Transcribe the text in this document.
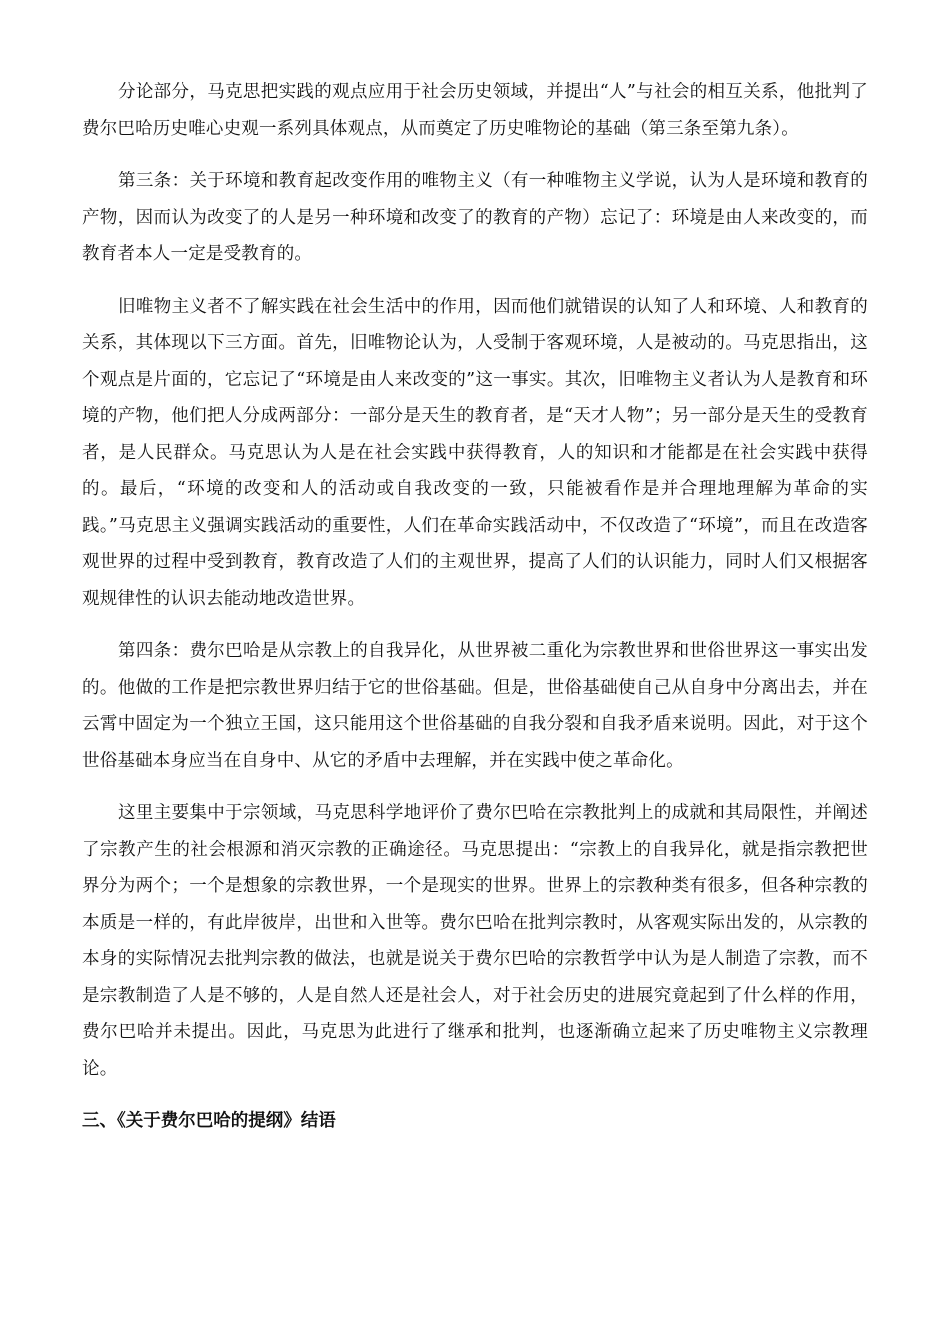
分论部分，马克思把实践的观点应用于社会历史领域，并提出“人”与社会的相互关系，他批判了费尔巴哈历史唯心史观一系列具体观点，从而奠定了历史唯物论的基础（第三条至第九条）。

第三条：关于环境和教育起改变作用的唯物主义（有一种唯物主义学说，认为人是环境和教育的产物，因而认为改变了的人是另一种环境和改变了的教育的产物）忘记了：环境是由人来改变的，而教育者本人一定是受教育的。

旧唯物主义者不了解实践在社会生活中的作用，因而他们就错误的认知了人和环境、人和教育的关系，其体现以下三方面。首先，旧唯物论认为，人受制于客观环境，人是被动的。马克思指出，这个观点是片面的，它忘记了“环境是由人来改变的”这一事实。其次，旧唯物主义者认为人是教育和环境的产物，他们把人分成两部分：一部分是天生的教育者，是“天才人物”；另一部分是天生的受教育者，是人民群众。马克思认为人是在社会实践中获得教育，人的知识和才能都是在社会实践中获得的。最后，“环境的改变和人的活动或自我改变的一致，只能被看作是并合理地理解为革命的实践。”马克思主义强调实践活动的重要性，人们在革命实践活动中，不仅改造了“环境”，而且在改造客观世界的过程中受到教育，教育改造了人们的主观世界，提高了人们的认识能力，同时人们又根据客观规律性的认识去能动地改造世界。

第四条：费尔巴哈是从宗教上的自我异化，从世界被二重化为宗教世界和世俗世界这一事实出发的。他做的工作是把宗教世界归结于它的世俗基础。但是，世俗基础使自己从自身中分离出去，并在云霄中固定为一个独立王国，这只能用这个世俗基础的自我分裂和自我矛盾来说明。因此，对于这个世俗基础本身应当在自身中、从它的矛盾中去理解，并在实践中使之革命化。

这里主要集中于宗领域，马克思科学地评价了费尔巴哈在宗教批判上的成就和其局限性，并阐述了宗教产生的社会根源和消灭宗教的正确途径。马克思提出：“宗教上的自我异化，就是指宗教把世界分为两个；一个是想象的宗教世界，一个是现实的世界。世界上的宗教种类有很多，但各种宗教的本质是一样的，有此岸彼岸，出世和入世等。费尔巴哈在批判宗教时，从客观实际出发的，从宗教的本身的实际情况去批判宗教的做法，也就是说关于费尔巴哈的宗教哲学中认为是人制造了宗教，而不是宗教制造了人是不够的，人是自然人还是社会人，对于社会历史的进展究竟起到了什么样的作用，费尔巴哈并未提出。因此，马克思为此进行了继承和批判，也逐渐确立起来了历史唯物主义宗教理论。

三、《关于费尔巴哈的提纲》结语
